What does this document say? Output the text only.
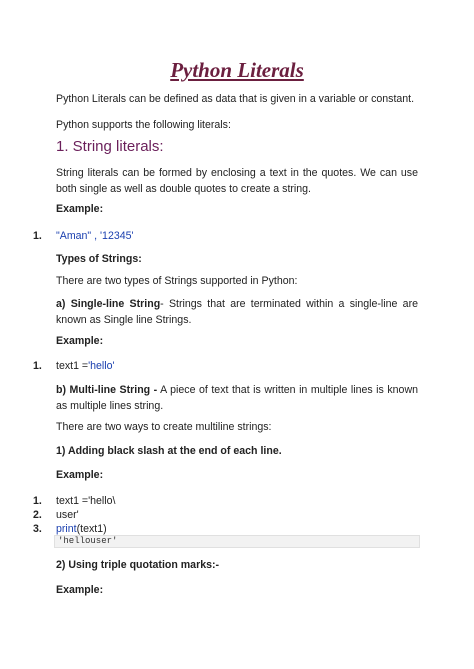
Python Literals
Python Literals can be defined as data that is given in a variable or constant.
Python supports the following literals:
1. String literals:
String literals can be formed by enclosing a text in the quotes. We can use both single as well as double quotes to create a string.
Example:
1. "Aman" , '12345'
Types of Strings:
There are two types of Strings supported in Python:
a) Single-line String- Strings that are terminated within a single-line are known as Single line Strings.
Example:
1. text1 ='hello'
b) Multi-line String - A piece of text that is written in multiple lines is known as multiple lines string.
There are two ways to create multiline strings:
1) Adding black slash at the end of each line.
Example:
1. text1 ='hello\
2. user'
3. print(text1)
'hellouser'
2) Using triple quotation marks:-
Example:
